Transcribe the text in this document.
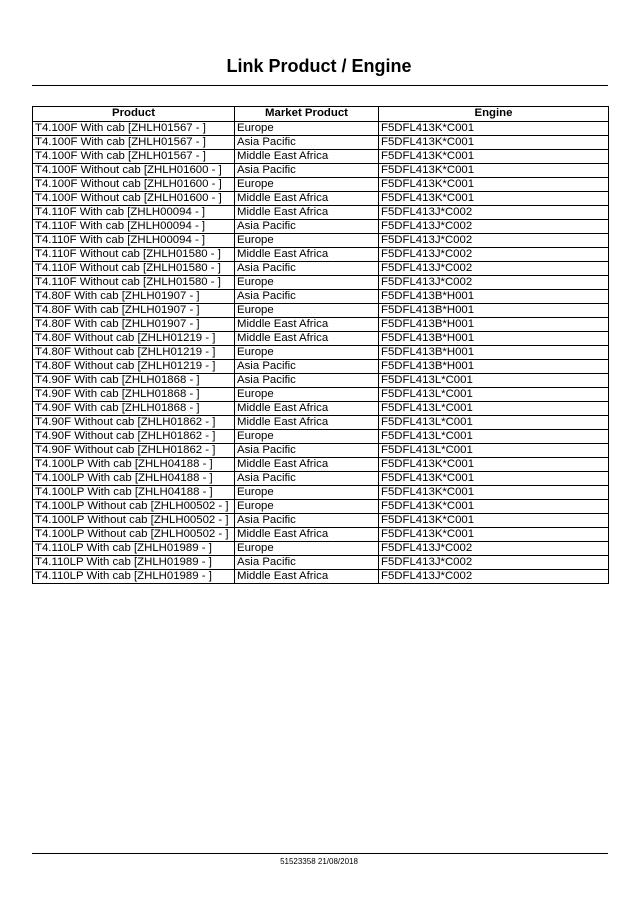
Link Product / Engine
Product	Market Product	Engine
T4.100F With cab [ZHLH01567 - ]	Europe	F5DFL413K*C001
T4.100F With cab [ZHLH01567 - ]	Asia Pacific	F5DFL413K*C001
T4.100F With cab [ZHLH01567 - ]	Middle East Africa	F5DFL413K*C001
T4.100F Without cab [ZHLH01600 - ]	Asia Pacific	F5DFL413K*C001
T4.100F Without cab [ZHLH01600 - ]	Europe	F5DFL413K*C001
T4.100F Without cab [ZHLH01600 - ]	Middle East Africa	F5DFL413K*C001
T4.110F With cab [ZHLH00094 - ]	Middle East Africa	F5DFL413J*C002
T4.110F With cab [ZHLH00094 - ]	Asia Pacific	F5DFL413J*C002
T4.110F With cab [ZHLH00094 - ]	Europe	F5DFL413J*C002
T4.110F Without cab [ZHLH01580 - ]	Middle East Africa	F5DFL413J*C002
T4.110F Without cab [ZHLH01580 - ]	Asia Pacific	F5DFL413J*C002
T4.110F Without cab [ZHLH01580 - ]	Europe	F5DFL413J*C002
T4.80F With cab [ZHLH01907 - ]	Asia Pacific	F5DFL413B*H001
T4.80F With cab [ZHLH01907 - ]	Europe	F5DFL413B*H001
T4.80F With cab [ZHLH01907 - ]	Middle East Africa	F5DFL413B*H001
T4.80F Without cab [ZHLH01219 - ]	Middle East Africa	F5DFL413B*H001
T4.80F Without cab [ZHLH01219 - ]	Europe	F5DFL413B*H001
T4.80F Without cab [ZHLH01219 - ]	Asia Pacific	F5DFL413B*H001
T4.90F With cab [ZHLH01868 - ]	Asia Pacific	F5DFL413L*C001
T4.90F With cab [ZHLH01868 - ]	Europe	F5DFL413L*C001
T4.90F With cab [ZHLH01868 - ]	Middle East Africa	F5DFL413L*C001
T4.90F Without cab [ZHLH01862 - ]	Middle East Africa	F5DFL413L*C001
T4.90F Without cab [ZHLH01862 - ]	Europe	F5DFL413L*C001
T4.90F Without cab [ZHLH01862 - ]	Asia Pacific	F5DFL413L*C001
T4.100LP With cab [ZHLH04188 - ]	Middle East Africa	F5DFL413K*C001
T4.100LP With cab [ZHLH04188 - ]	Asia Pacific	F5DFL413K*C001
T4.100LP With cab [ZHLH04188 - ]	Europe	F5DFL413K*C001
T4.100LP Without cab [ZHLH00502 - ]	Europe	F5DFL413K*C001
T4.100LP Without cab [ZHLH00502 - ]	Asia Pacific	F5DFL413K*C001
T4.100LP Without cab [ZHLH00502 - ]	Middle East Africa	F5DFL413K*C001
T4.110LP With cab [ZHLH01989 - ]	Europe	F5DFL413J*C002
T4.110LP With cab [ZHLH01989 - ]	Asia Pacific	F5DFL413J*C002
T4.110LP With cab [ZHLH01989 - ]	Middle East Africa	F5DFL413J*C002
51523358 21/08/2018
